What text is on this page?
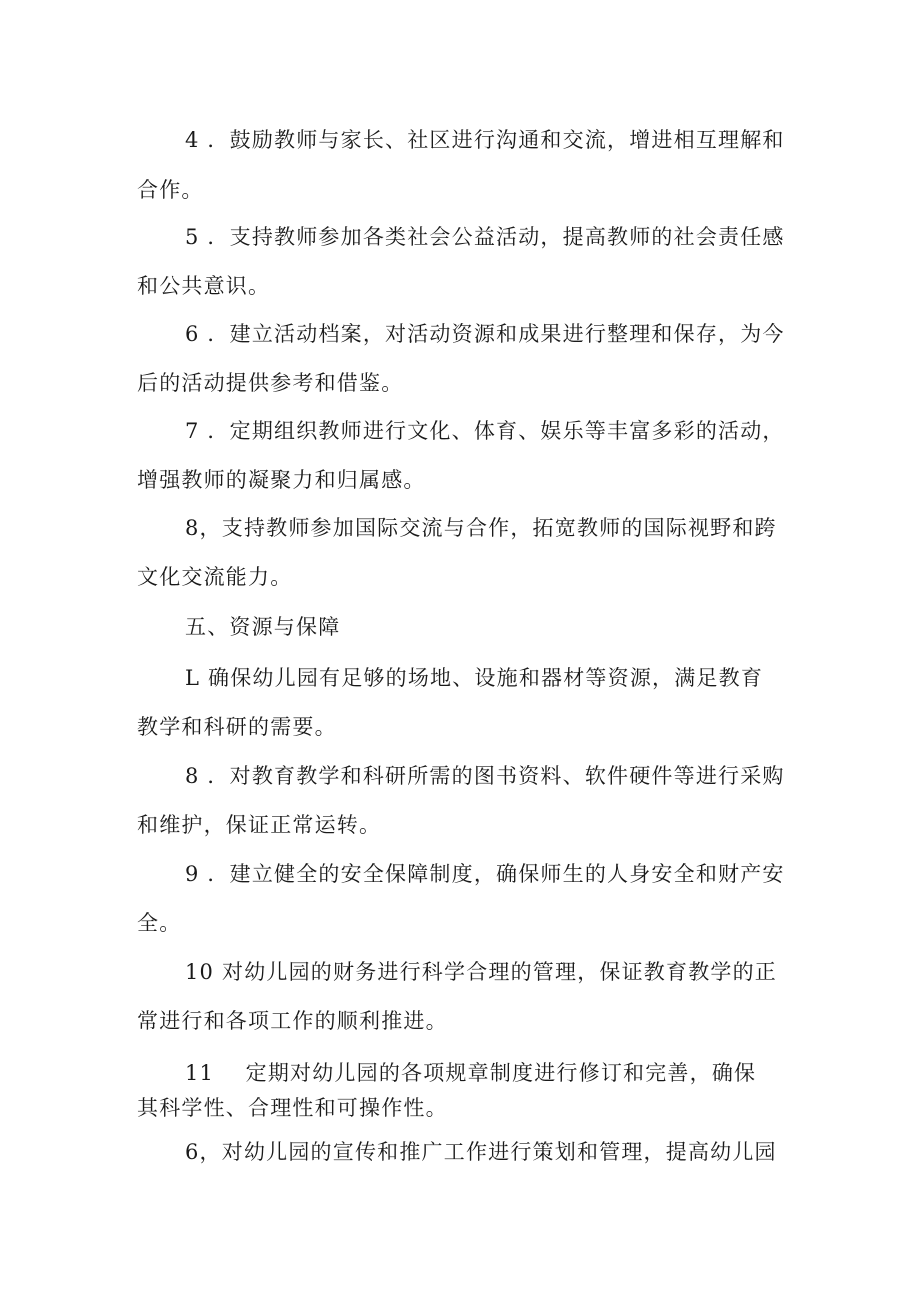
4 ．鼓励教师与家长、社区进行沟通和交流，增进相互理解和
合作。
5 ．支持教师参加各类社会公益活动，提高教师的社会责任感
和公共意识。
6 ．建立活动档案，对活动资源和成果进行整理和保存，为今
后的活动提供参考和借鉴。
7 ．定期组织教师进行文化、体育、娱乐等丰富多彩的活动，
增强教师的凝聚力和归属感。
8，支持教师参加国际交流与合作，拓宽教师的国际视野和跨
文化交流能力。
五、资源与保障
L 确保幼儿园有足够的场地、设施和器材等资源，满足教育
教学和科研的需要。
8 ．对教育教学和科研所需的图书资料、软件硬件等进行采购
和维护，保证正常运转。
9 ．建立健全的安全保障制度，确保师生的人身安全和财产安
全。
10 对幼儿园的财务进行科学合理的管理，保证教育教学的正
常进行和各项工作的顺利推进。
11    定期对幼儿园的各项规章制度进行修订和完善，确保
其科学性、合理性和可操作性。
6，对幼儿园的宣传和推广工作进行策划和管理，提高幼儿园
